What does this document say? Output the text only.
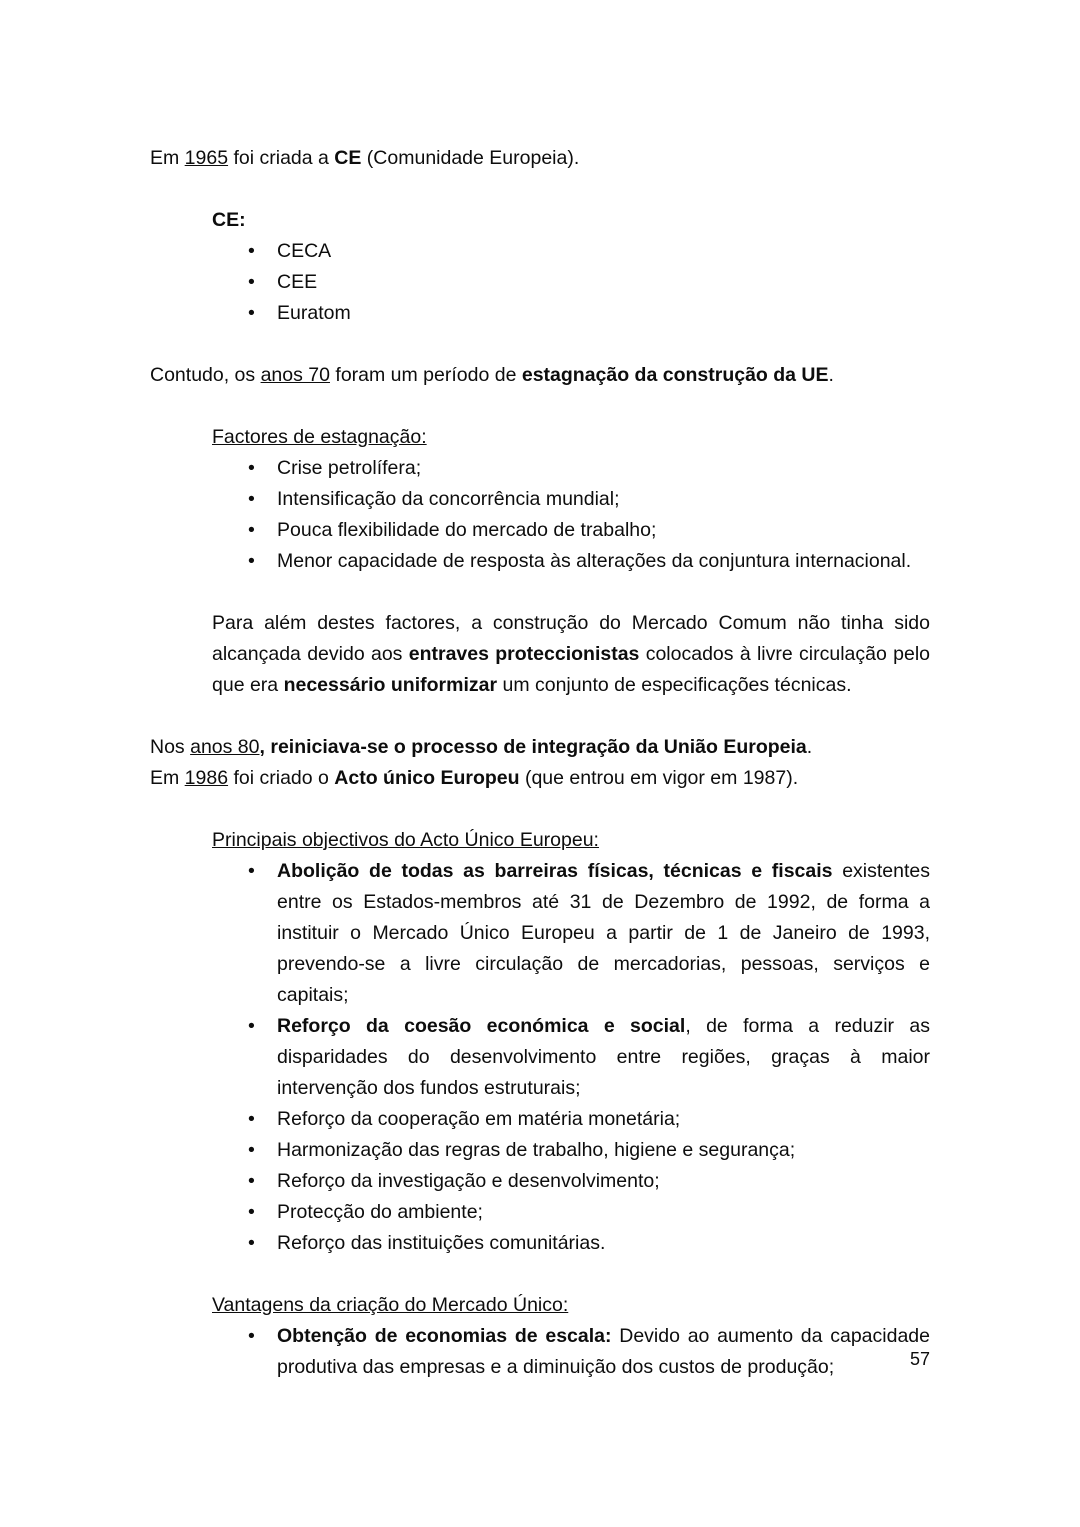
Em 1965 foi criada a CE (Comunidade Europeia).

CE:

• CECA
• CEE
• Euratom

Contudo, os anos 70 foram um período de estagnação da construção da UE.

Factores de estagnação:

• Crise petrolífera;
• Intensificação da concorrência mundial;
• Pouca flexibilidade do mercado de trabalho;
• Menor capacidade de resposta às alterações da conjuntura internacional.

Para além destes factores, a construção do Mercado Comum não tinha sido alcançada devido aos entraves proteccionistas colocados à livre circulação pelo que era necessário uniformizar um conjunto de especificações técnicas.

Nos anos 80, reiniciava-se o processo de integração da União Europeia.

Em 1986 foi criado o Acto único Europeu (que entrou em vigor em 1987).

Principais objectivos do Acto Único Europeu:

• Abolição de todas as barreiras físicas, técnicas e fiscais existentes entre os Estados-membros até 31 de Dezembro de 1992, de forma a instituir o Mercado Único Europeu a partir de 1 de Janeiro de 1993, prevendo-se a livre circulação de mercadorias, pessoas, serviços e capitais;
• Reforço da coesão económica e social, de forma a reduzir as disparidades do desenvolvimento entre regiões, graças à maior intervenção dos fundos estruturais;
• Reforço da cooperação em matéria monetária;
• Harmonização das regras de trabalho, higiene e segurança;
• Reforço da investigação e desenvolvimento;
• Protecção do ambiente;
• Reforço das instituições comunitárias.

Vantagens da criação do Mercado Único:

• Obtenção de economias de escala: Devido ao aumento da capacidade produtiva das empresas e a diminuição dos custos de produção;	57
